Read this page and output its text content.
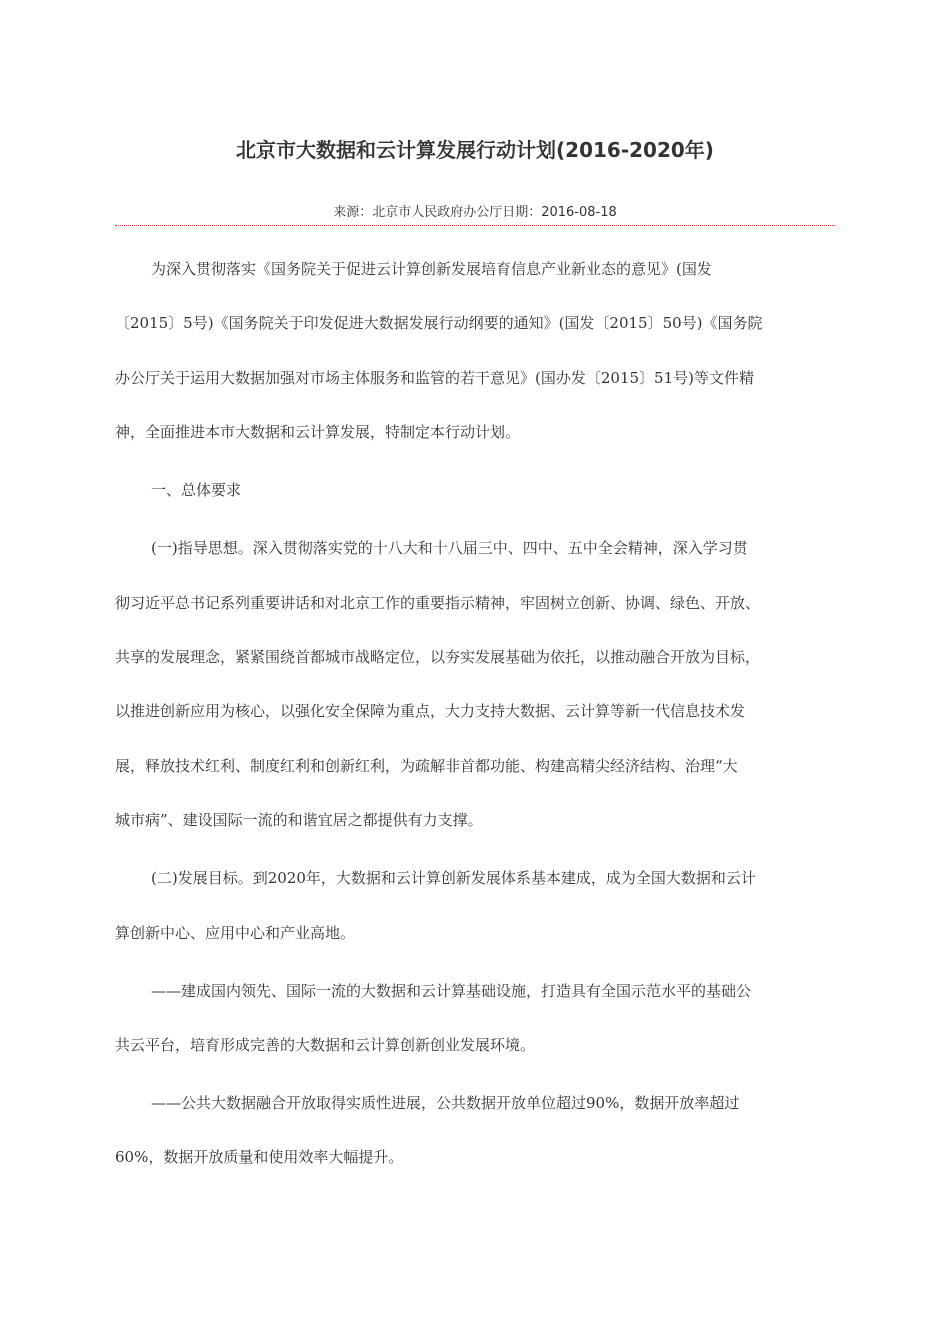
北京市大数据和云计算发展行动计划(2016-2020年)
来源：北京市人民政府办公厅日期：2016-08-18

为深入贯彻落实《国务院关于促进云计算创新发展培育信息产业新业态的意见》(国发
〔2015〕5号)《国务院关于印发促进大数据发展行动纲要的通知》(国发〔2015〕50号)《国务院
办公厅关于运用大数据加强对市场主体服务和监管的若干意见》(国办发〔2015〕51号)等文件精
神，全面推进本市大数据和云计算发展，特制定本行动计划。

一、总体要求

(一)指导思想。深入贯彻落实党的十八大和十八届三中、四中、五中全会精神，深入学习贯
彻习近平总书记系列重要讲话和对北京工作的重要指示精神，牢固树立创新、协调、绿色、开放、
共享的发展理念，紧紧围绕首都城市战略定位，以夯实发展基础为依托，以推动融合开放为目标，
以推进创新应用为核心，以强化安全保障为重点，大力支持大数据、云计算等新一代信息技术发
展，释放技术红利、制度红利和创新红利，为疏解非首都功能、构建高精尖经济结构、治理“大
城市病”、建设国际一流的和谐宜居之都提供有力支撑。

(二)发展目标。到2020年，大数据和云计算创新发展体系基本建成，成为全国大数据和云计
算创新中心、应用中心和产业高地。

——建成国内领先、国际一流的大数据和云计算基础设施，打造具有全国示范水平的基础公
共云平台，培育形成完善的大数据和云计算创新创业发展环境。

——公共大数据融合开放取得实质性进展，公共数据开放单位超过90%，数据开放率超过
60%，数据开放质量和使用效率大幅提升。
